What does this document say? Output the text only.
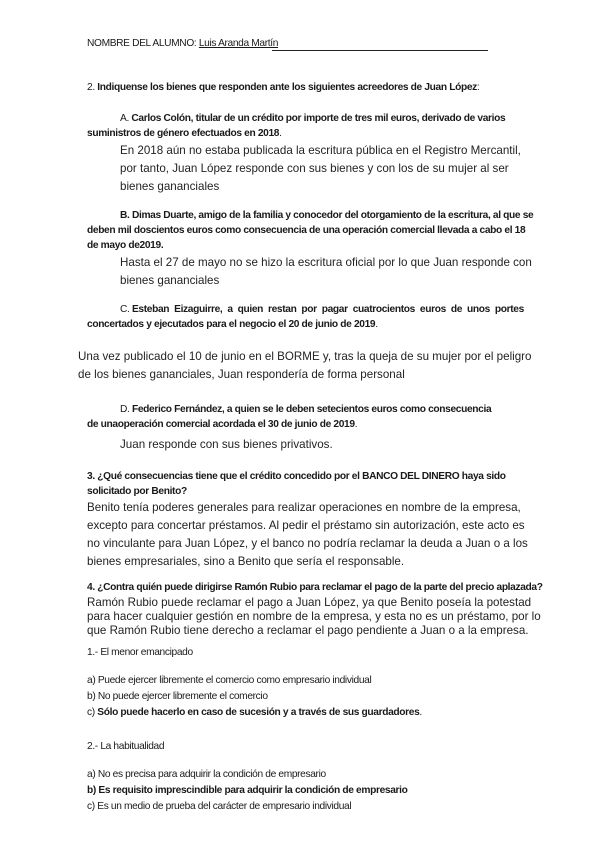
NOMBRE DEL ALUMNO: Luis Aranda Martín
2. Indiquense los bienes que responden ante los siguientes acreedores de Juan López:
A. Carlos Colón, titular de un crédito por importe de tres mil euros, derivado de varios
suministros de género efectuados en 2018.
En 2018 aún no estaba publicada la escritura pública en el Registro Mercantil,
por tanto, Juan López responde con sus bienes y con los de su mujer al ser
bienes gananciales
B. Dimas Duarte, amigo de la familia y conocedor del otorgamiento de la escritura, al que se
deben mil doscientos euros como consecuencia de una operación comercial llevada a cabo el 18
de mayo de2019.
Hasta el 27 de mayo no se hizo la escritura oficial por lo que Juan responde con
bienes gananciales
C. Esteban  Eizaguirre,  a  quien  restan  por  pagar  cuatrocientos  euros  de  unos  portes
concertados y ejecutados para el negocio el 20 de junio de 2019.
Una vez publicado el 10 de junio en el BORME y, tras la queja de su mujer por el peligro
de los bienes gananciales, Juan respondería de forma personal
D. Federico Fernández, a quien se le deben setecientos euros como consecuencia
de unaoperación comercial acordada el 30 de junio de 2019.
Juan responde con sus bienes privativos.
3. ¿Qué consecuencias tiene que el crédito concedido por el BANCO DEL DINERO haya sido
solicitado por Benito?
Benito tenía poderes generales para realizar operaciones en nombre de la empresa,
excepto para concertar préstamos. Al pedir el préstamo sin autorización, este acto es
no vinculante para Juan López, y el banco no podría reclamar la deuda a Juan o a los
bienes empresariales, sino a Benito que sería el responsable.
4. ¿Contra quién puede dirigirse Ramón Rubio para reclamar el pago de la parte del precio aplazada?
Ramón Rubio puede reclamar el pago a Juan López, ya que Benito poseía la potestad
para hacer cualquier gestión en nombre de la empresa, y esta no es un préstamo, por lo
que Ramón Rubio tiene derecho a reclamar el pago pendiente a Juan o a la empresa.
1.- El menor emancipado
a) Puede ejercer libremente el comercio como empresario individual
b) No puede ejercer libremente el comercio
c) Sólo puede hacerlo en caso de sucesión y a través de sus guardadores.
2.- La habitualidad
a) No es precisa para adquirir la condición de empresario
b) Es requisito imprescindible para adquirir la condición de empresario
c) Es un medio de prueba del carácter de empresario individual
